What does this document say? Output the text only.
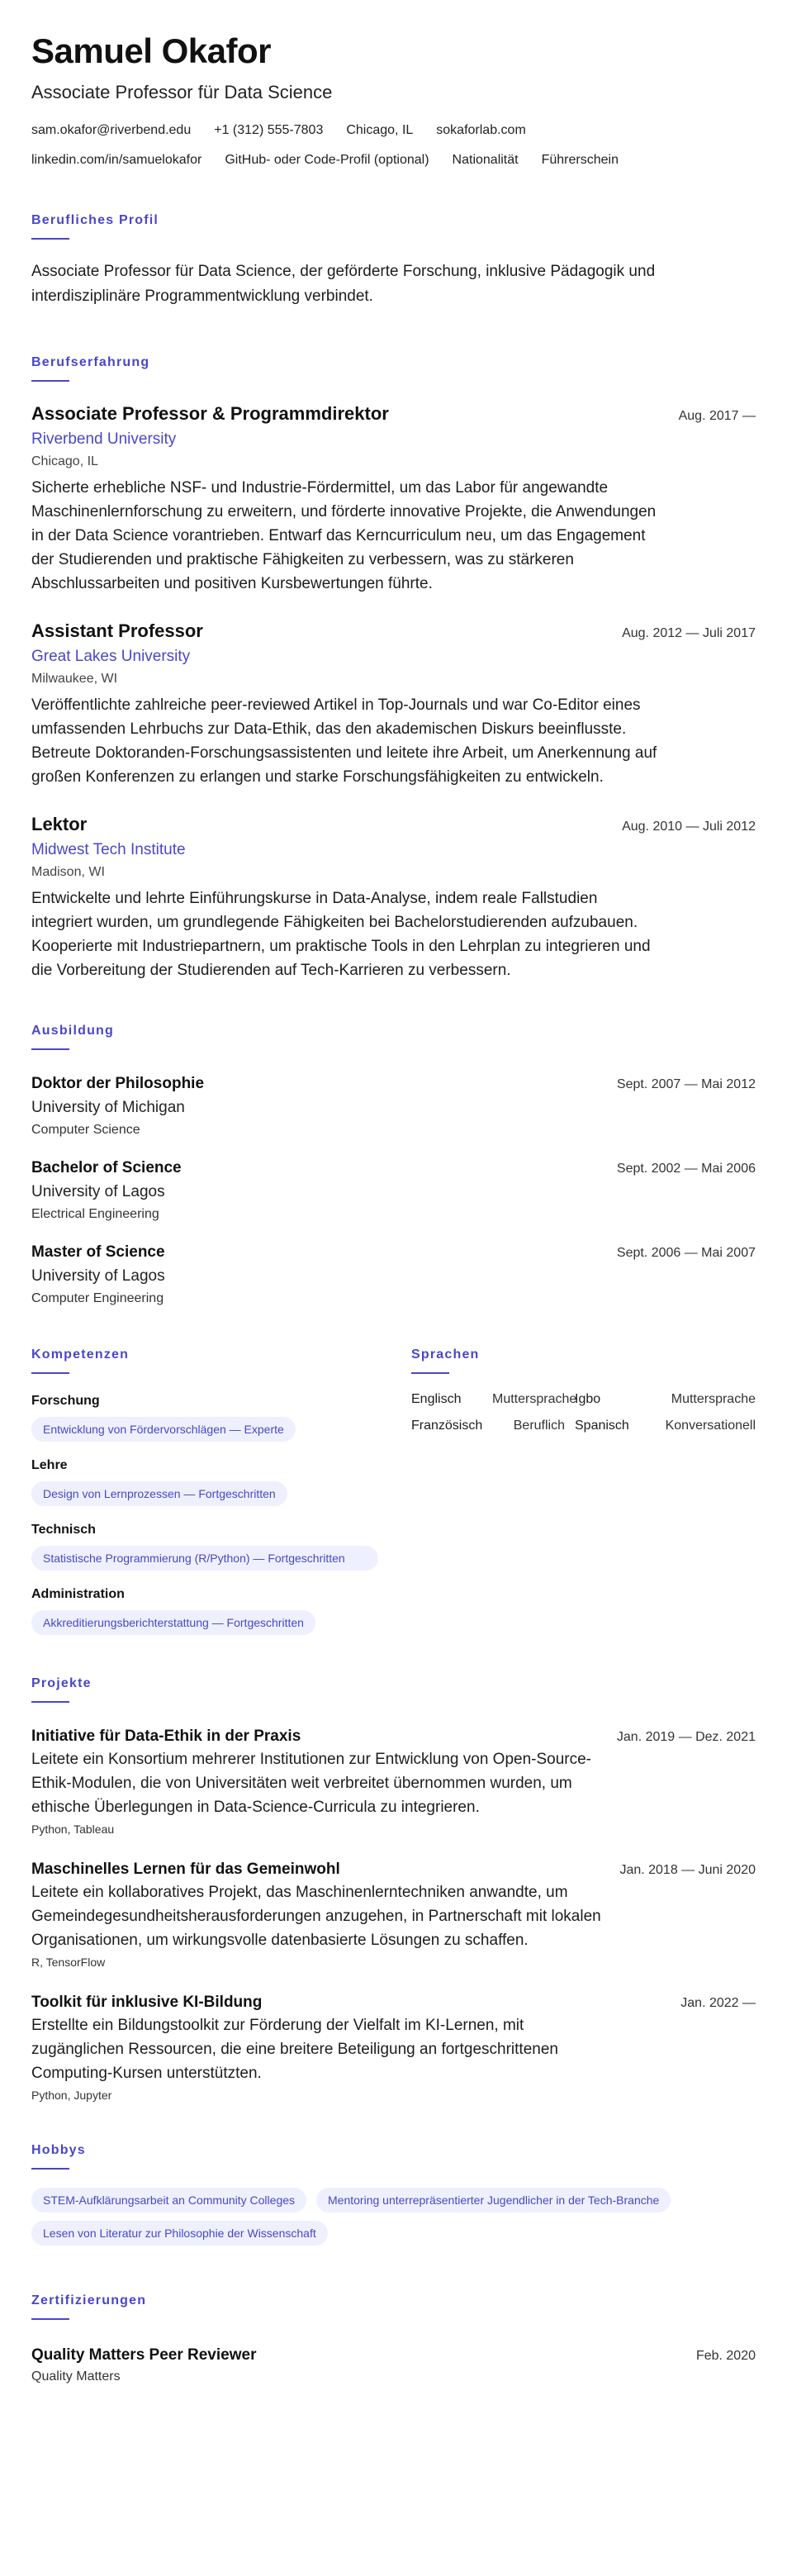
Samuel Okafor
Associate Professor für Data Science
sam.okafor@riverbend.edu +1 (312) 555-7803 Chicago, IL sokaforlab.com
linkedin.com/in/samuelokafor GitHub- oder Code-Profil (optional) Nationalität Führerschein
Berufliches Profil

Associate Professor für Data Science, der geförderte Forschung, inklusive Pädagogik und interdisziplinäre Programmentwicklung verbindet.

Berufserfahrung
Associate Professor & Programmdirektor	Aug. 2017 —
Riverbend University
Chicago, IL

Sicherte erhebliche NSF- und Industrie-Fördermittel, um das Labor für angewandte Maschinenlernforschung zu erweitern, und förderte innovative Projekte, die Anwendungen in der Data Science vorantrieben. Entwarf das Kerncurriculum neu, um das Engagement der Studierenden und praktische Fähigkeiten zu verbessern, was zu stärkeren Abschlussarbeiten und positiven Kursbewertungen führte.

Assistant Professor	Aug. 2012 — Juli 2017
Great Lakes University
Milwaukee, WI

Veröffentlichte zahlreiche peer-reviewed Artikel in Top-Journals und war Co-Editor eines umfassenden Lehrbuchs zur Data-Ethik, das den akademischen Diskurs beeinflusste. Betreute Doktoranden-Forschungsassistenten und leitete ihre Arbeit, um Anerkennung auf großen Konferenzen zu erlangen und starke Forschungsfähigkeiten zu entwickeln.

Lektor	Aug. 2010 — Juli 2012
Midwest Tech Institute
Madison, WI

Entwickelte und lehrte Einführungskurse in Data-Analyse, indem reale Fallstudien integriert wurden, um grundlegende Fähigkeiten bei Bachelorstudierenden aufzubauen. Kooperierte mit Industriepartnern, um praktische Tools in den Lehrplan zu integrieren und die Vorbereitung der Studierenden auf Tech-Karrieren zu verbessern.

Ausbildung
Doktor der Philosophie	Sept. 2007 — Mai 2012
University of Michigan
Computer Science
Bachelor of Science	Sept. 2002 — Mai 2006
University of Lagos
Electrical Engineering
Master of Science	Sept. 2006 — Mai 2007
University of Lagos
Computer Engineering
Kompetenzen
Forschung
Entwicklung von Fördervorschlägen — Experte
Lehre
Design von Lernprozessen — Fortgeschritten
Technisch
Statistische Programmierung (R/Python) — Fortgeschritten
Administration
Akkreditierungsberichterstattung — Fortgeschritten
Sprachen
Englisch	Muttersprache
Igbo	Muttersprache
Französisch	Beruflich Spanisch	Konversationell
Projekte
Initiative für Data-Ethik in der Praxis	Jan. 2019 — Dez. 2021

Leitete ein Konsortium mehrerer Institutionen zur Entwicklung von Open-Source-Ethik-Modulen, die von Universitäten weit verbreitet übernommen wurden, um ethische Überlegungen in Data-Science-Curricula zu integrieren.

Python, Tableau
Maschinelles Lernen für das Gemeinwohl	Jan. 2018 — Juni 2020

Leitete ein kollaboratives Projekt, das Maschinenlerntechniken anwandte, um Gemeindegesundheitsherausforderungen anzugehen, in Partnerschaft mit lokalen Organisationen, um wirkungsvolle datenbasierte Lösungen zu schaffen.

R, TensorFlow
Toolkit für inklusive KI-Bildung	Jan. 2022 —

Erstellte ein Bildungstoolkit zur Förderung der Vielfalt im KI-Lernen, mit zugänglichen Ressourcen, die eine breitere Beteiligung an fortgeschrittenen Computing-Kursen unterstützten.

Python, Jupyter
Hobbys
STEM-Aufklärungsarbeit an Community Colleges	Mentoring unterrepräsentierter Jugendlicher in der Tech-Branche
Lesen von Literatur zur Philosophie der Wissenschaft
Zertifizierungen
Quality Matters Peer Reviewer	Feb. 2020
Quality Matters
